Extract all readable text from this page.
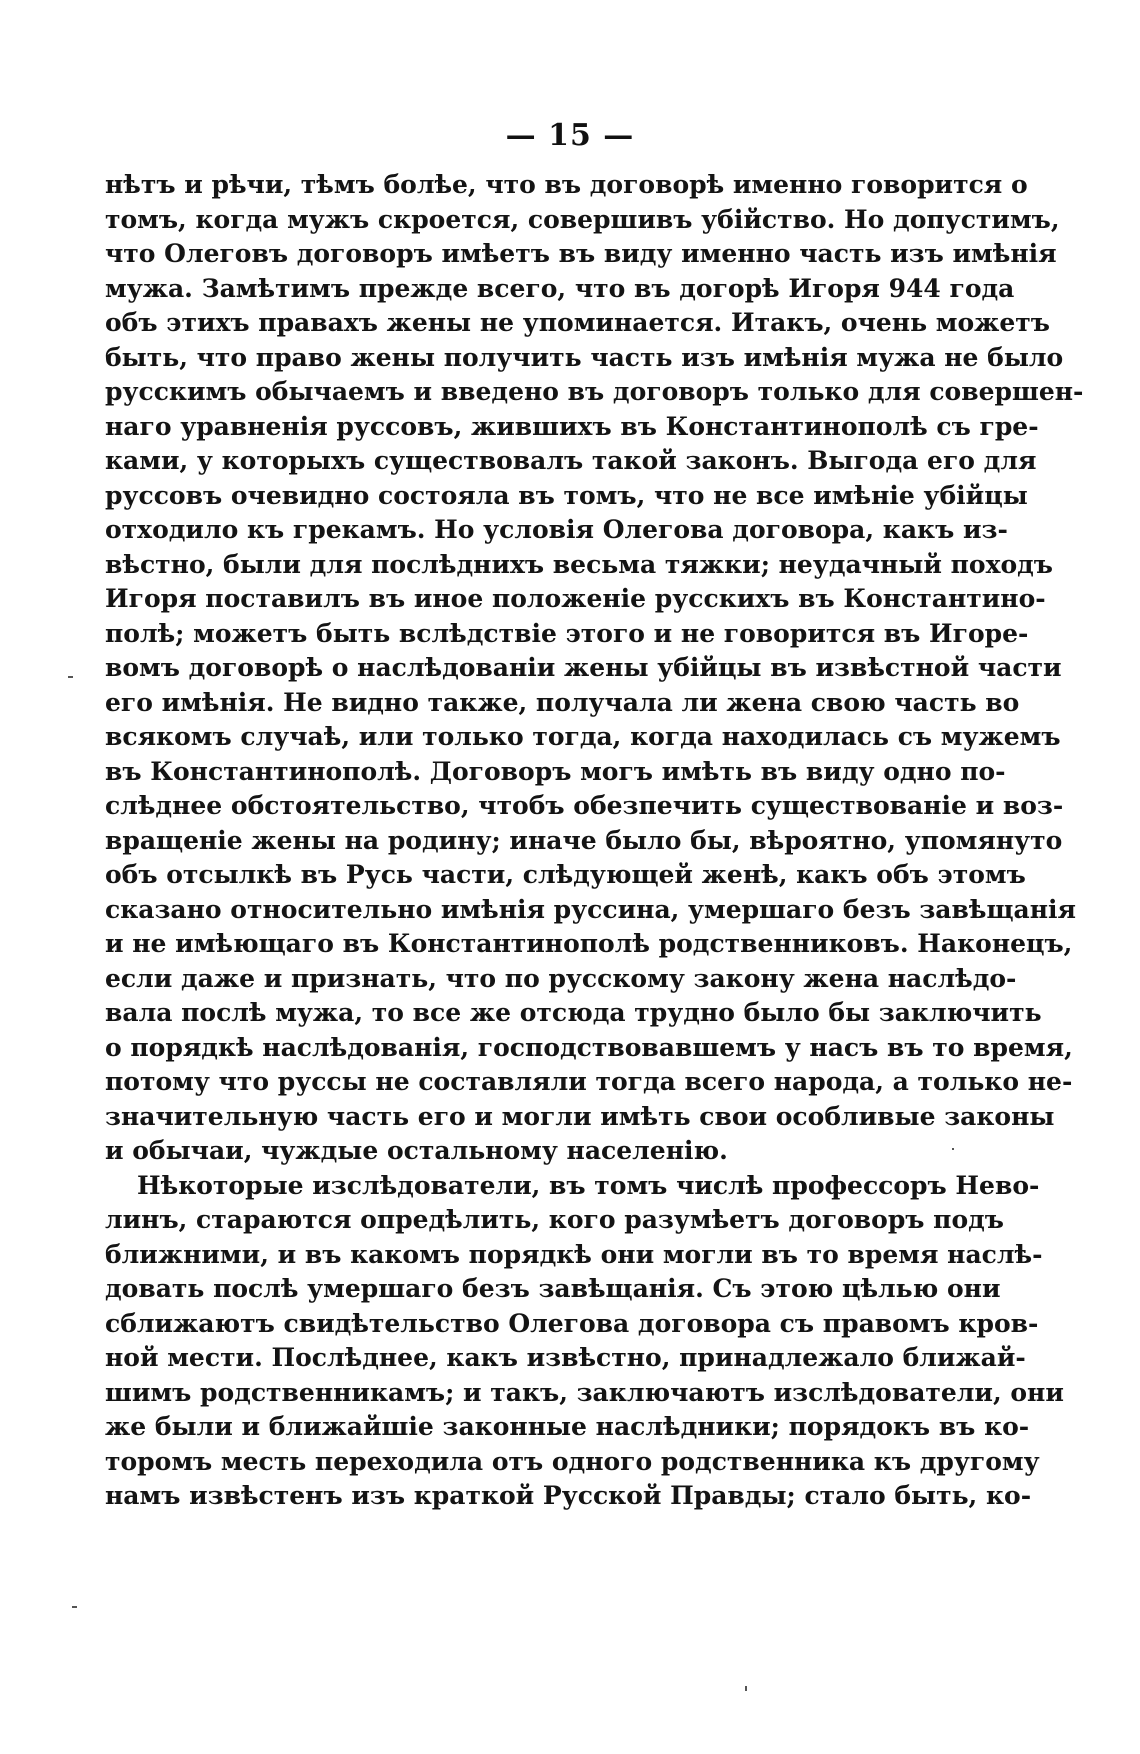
— 15 —
нѣтъ и рѣчи, тѣмъ болѣе, что въ договорѣ именно говорится о
томъ, когда мужъ скроется, совершивъ убійство. Но допустимъ,
что Олеговъ договоръ имѣетъ въ виду именно часть изъ имѣнія
мужа. Замѣтимъ прежде всего, что въ догорѣ Игоря 944 года
объ этихъ правахъ жены не упоминается. Итакъ, очень можетъ
быть, что право жены получить часть изъ имѣнія мужа не было
русскимъ обычаемъ и введено въ договоръ только для совершен-
наго уравненія руссовъ, жившихъ въ Константинополѣ съ гре-
ками, у которыхъ существовалъ такой законъ. Выгода его для
руссовъ очевидно состояла въ томъ, что не все имѣніе убійцы
отходило къ грекамъ. Но условія Олегова договора, какъ из-
вѣстно, были для послѣднихъ весьма тяжки; неудачный походъ
Игоря поставилъ въ иное положеніе русскихъ въ Константино-
полѣ; можетъ быть вслѣдствіе этого и не говорится въ Игоре-
вомъ договорѣ о наслѣдованіи жены убійцы въ извѣстной части
его имѣнія. Не видно также, получала ли жена свою часть во
всякомъ случаѣ, или только тогда, когда находилась съ мужемъ
въ Константинополѣ. Договоръ могъ имѣть въ виду одно по-
слѣднее обстоятельство, чтобъ обезпечить существованіе и воз-
вращеніе жены на родину; иначе было бы, вѣроятно, упомянуто
объ отсылкѣ въ Русь части, слѣдующей женѣ, какъ объ этомъ
сказано относительно имѣнія руссина, умершаго безъ завѣщанія
и не имѣющаго въ Константинополѣ родственниковъ. Наконецъ,
если даже и признать, что по русскому закону жена наслѣдо-
вала послѣ мужа, то все же отсюда трудно было бы заключить
о порядкѣ наслѣдованія, господствовавшемъ у насъ въ то время,
потому что руссы не составляли тогда всего народа, а только не-
значительную часть его и могли имѣть свои особливые законы
и обычаи, чуждые остальному населенію.
Нѣкоторые изслѣдователи, въ томъ числѣ профессоръ Нево-
линъ, стараются опредѣлить, кого разумѣетъ договоръ подъ
ближними, и въ какомъ порядкѣ они могли въ то время наслѣ-
довать послѣ умершаго безъ завѣщанія. Съ этою цѣлью они
сближаютъ свидѣтельство Олегова договора съ правомъ кров-
ной мести. Послѣднее, какъ извѣстно, принадлежало ближай-
шимъ родственникамъ; и такъ, заключаютъ изслѣдователи, они
же были и ближайшіе законные наслѣдники; порядокъ въ ко-
торомъ месть переходила отъ одного родственника къ другому
намъ извѣстенъ изъ краткой Русской Правды; стало быть, ко-
